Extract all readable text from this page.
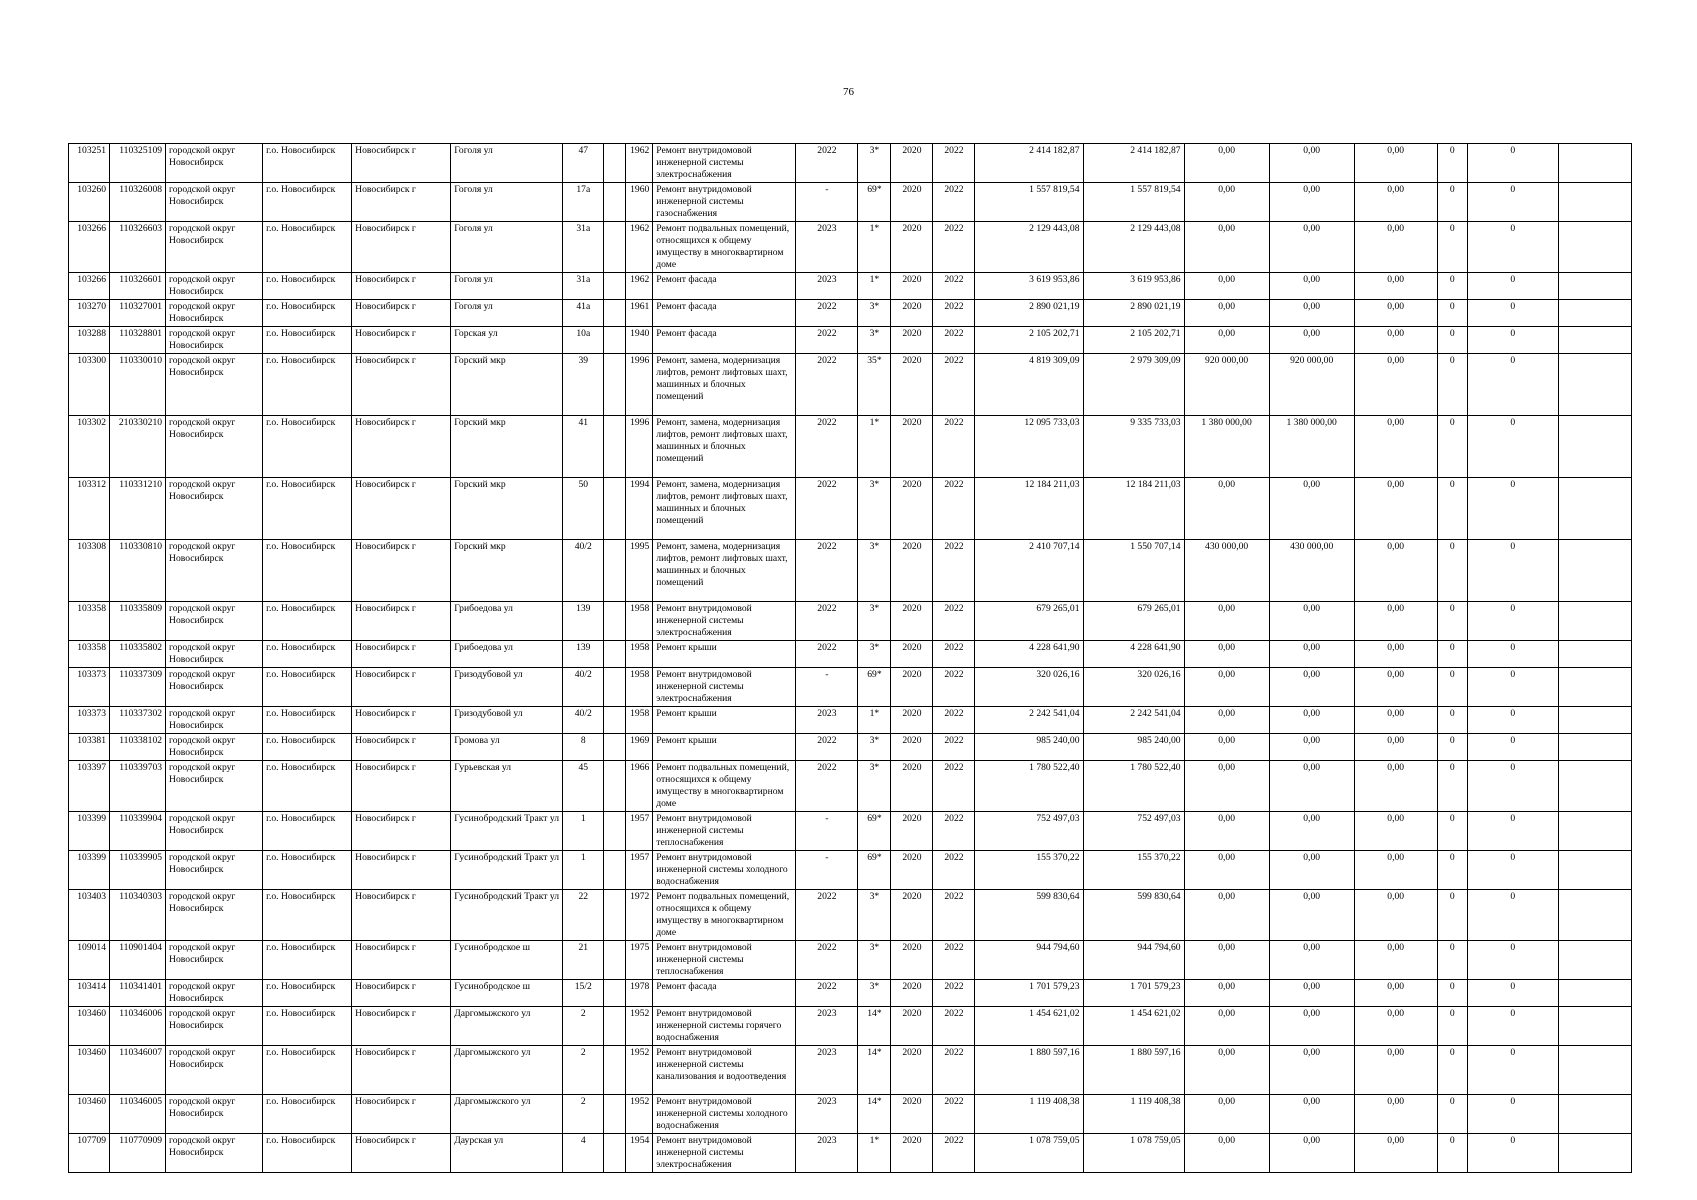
76
103251	110325109	городской округ Новосибирск	г.о. Новосибирск	Новосибирск г	Гоголя ул	47		1962	Ремонт внутридомовой инженерной системы электроснабжения	2022	3*	2020	2022	2 414 182,87	2 414 182,87	0,00	0,00	0,00	0	0	
103260	110326008	городской округ Новосибирск	г.о. Новосибирск	Новосибирск г	Гоголя ул	17а		1960	Ремонт внутридомовой инженерной системы газоснабжения	-	69*	2020	2022	1 557 819,54	1 557 819,54	0,00	0,00	0,00	0	0	
103266	110326603	городской округ Новосибирск	г.о. Новосибирск	Новосибирск г	Гоголя ул	31а		1962	Ремонт подвальных помещений, относящихся к общему имуществу в многоквартирном доме	2023	1*	2020	2022	2 129 443,08	2 129 443,08	0,00	0,00	0,00	0	0	
103266	110326601	городской округ Новосибирск	г.о. Новосибирск	Новосибирск г	Гоголя ул	31а		1962	Ремонт фасада	2023	1*	2020	2022	3 619 953,86	3 619 953,86	0,00	0,00	0,00	0	0	
103270	110327001	городской округ Новосибирск	г.о. Новосибирск	Новосибирск г	Гоголя ул	41а		1961	Ремонт фасада	2022	3*	2020	2022	2 890 021,19	2 890 021,19	0,00	0,00	0,00	0	0	
103288	110328801	городской округ Новосибирск	г.о. Новосибирск	Новосибирск г	Горская ул	10а		1940	Ремонт фасада	2022	3*	2020	2022	2 105 202,71	2 105 202,71	0,00	0,00	0,00	0	0	
103300	110330010	городской округ Новосибирск	г.о. Новосибирск	Новосибирск г	Горский мкр	39		1996	Ремонт, замена, модернизация лифтов, ремонт лифтовых шахт, машинных и блочных помещений	2022	35*	2020	2022	4 819 309,09	2 979 309,09	920 000,00	920 000,00	0,00	0	0	
103302	210330210	городской округ Новосибирск	г.о. Новосибирск	Новосибирск г	Горский мкр	41		1996	Ремонт, замена, модернизация лифтов, ремонт лифтовых шахт, машинных и блочных помещений	2022	1*	2020	2022	12 095 733,03	9 335 733,03	1 380 000,00	1 380 000,00	0,00	0	0	
103312	110331210	городской округ Новосибирск	г.о. Новосибирск	Новосибирск г	Горский мкр	50		1994	Ремонт, замена, модернизация лифтов, ремонт лифтовых шахт, машинных и блочных помещений	2022	3*	2020	2022	12 184 211,03	12 184 211,03	0,00	0,00	0,00	0	0	
103308	110330810	городской округ Новосибирск	г.о. Новосибирск	Новосибирск г	Горский мкр	40/2		1995	Ремонт, замена, модернизация лифтов, ремонт лифтовых шахт, машинных и блочных помещений	2022	3*	2020	2022	2 410 707,14	1 550 707,14	430 000,00	430 000,00	0,00	0	0	
103358	110335809	городской округ Новосибирск	г.о. Новосибирск	Новосибирск г	Грибоедова ул	139		1958	Ремонт внутридомовой инженерной системы электроснабжения	2022	3*	2020	2022	679 265,01	679 265,01	0,00	0,00	0,00	0	0	
103358	110335802	городской округ Новосибирск	г.о. Новосибирск	Новосибирск г	Грибоедова ул	139		1958	Ремонт крыши	2022	3*	2020	2022	4 228 641,90	4 228 641,90	0,00	0,00	0,00	0	0	
103373	110337309	городской округ Новосибирск	г.о. Новосибирск	Новосибирск г	Гризодубовой ул	40/2		1958	Ремонт внутридомовой инженерной системы электроснабжения	-	69*	2020	2022	320 026,16	320 026,16	0,00	0,00	0,00	0	0	
103373	110337302	городской округ Новосибирск	г.о. Новосибирск	Новосибирск г	Гризодубовой ул	40/2		1958	Ремонт крыши	2023	1*	2020	2022	2 242 541,04	2 242 541,04	0,00	0,00	0,00	0	0	
103381	110338102	городской округ Новосибирск	г.о. Новосибирск	Новосибирск г	Громова ул	8		1969	Ремонт крыши	2022	3*	2020	2022	985 240,00	985 240,00	0,00	0,00	0,00	0	0	
103397	110339703	городской округ Новосибирск	г.о. Новосибирск	Новосибирск г	Гурьевская ул	45		1966	Ремонт подвальных помещений, относящихся к общему имуществу в многоквартирном доме	2022	3*	2020	2022	1 780 522,40	1 780 522,40	0,00	0,00	0,00	0	0	
103399	110339904	городской округ Новосибирск	г.о. Новосибирск	Новосибирск г	Гусинобродский Тракт ул	1		1957	Ремонт внутридомовой инженерной системы теплоснабжения	-	69*	2020	2022	752 497,03	752 497,03	0,00	0,00	0,00	0	0	
103399	110339905	городской округ Новосибирск	г.о. Новосибирск	Новосибирск г	Гусинобродский Тракт ул	1		1957	Ремонт внутридомовой инженерной системы холодного водоснабжения	-	69*	2020	2022	155 370,22	155 370,22	0,00	0,00	0,00	0	0	
103403	110340303	городской округ Новосибирск	г.о. Новосибирск	Новосибирск г	Гусинобродский Тракт ул	22		1972	Ремонт подвальных помещений, относящихся к общему имуществу в многоквартирном доме	2022	3*	2020	2022	599 830,64	599 830,64	0,00	0,00	0,00	0	0	
109014	110901404	городской округ Новосибирск	г.о. Новосибирск	Новосибирск г	Гусинобродское ш	21		1975	Ремонт внутридомовой инженерной системы теплоснабжения	2022	3*	2020	2022	944 794,60	944 794,60	0,00	0,00	0,00	0	0	
103414	110341401	городской округ Новосибирск	г.о. Новосибирск	Новосибирск г	Гусинобродское ш	15/2		1978	Ремонт фасада	2022	3*	2020	2022	1 701 579,23	1 701 579,23	0,00	0,00	0,00	0	0	
103460	110346006	городской округ Новосибирск	г.о. Новосибирск	Новосибирск г	Даргомыжского ул	2		1952	Ремонт внутридомовой инженерной системы горячего водоснабжения	2023	14*	2020	2022	1 454 621,02	1 454 621,02	0,00	0,00	0,00	0	0	
103460	110346007	городской округ Новосибирск	г.о. Новосибирск	Новосибирск г	Даргомыжского ул	2		1952	Ремонт внутридомовой инженерной системы канализования и водоотведения	2023	14*	2020	2022	1 880 597,16	1 880 597,16	0,00	0,00	0,00	0	0	
103460	110346005	городской округ Новосибирск	г.о. Новосибирск	Новосибирск г	Даргомыжского ул	2		1952	Ремонт внутридомовой инженерной системы холодного водоснабжения	2023	14*	2020	2022	1 119 408,38	1 119 408,38	0,00	0,00	0,00	0	0	
107709	110770909	городской округ Новосибирск	г.о. Новосибирск	Новосибирск г	Даурская ул	4		1954	Ремонт внутридомовой инженерной системы электроснабжения	2023	1*	2020	2022	1 078 759,05	1 078 759,05	0,00	0,00	0,00	0	0	
